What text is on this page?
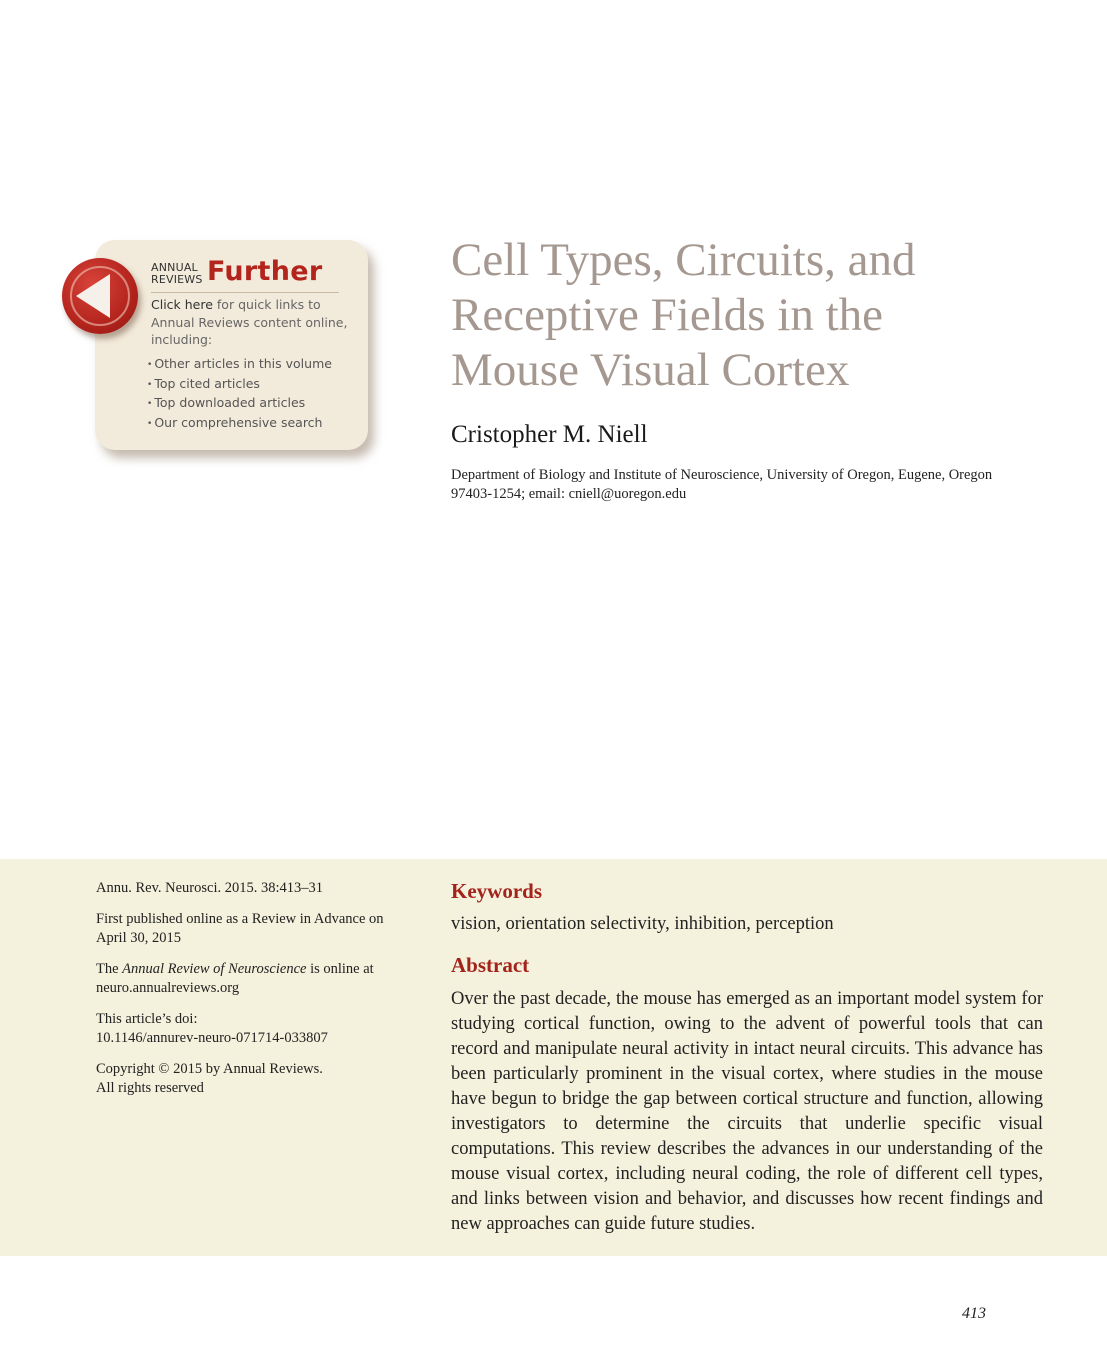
ANNUAL
REVIEWS Further
Click here for quick links to Annual Reviews content online, including:
• Other articles in this volume
• Top cited articles
• Top downloaded articles
• Our comprehensive search
Cell Types, Circuits, and Receptive Fields in the Mouse Visual Cortex
Cristopher M. Niell
Department of Biology and Institute of Neuroscience, University of Oregon, Eugene, Oregon 97403-1254; email: cniell@uoregon.edu

Annu. Rev. Neurosci. 2015. 38:413–31

First published online as a Review in Advance on April 30, 2015

The Annual Review of Neuroscience is online at neuro.annualreviews.org

This article’s doi:
10.1146/annurev-neuro-071714-033807

Copyright © 2015 by Annual Reviews.
All rights reserved

Keywords
vision, orientation selectivity, inhibition, perception
Abstract

Over the past decade, the mouse has emerged as an important model system for studying cortical function, owing to the advent of powerful tools that can record and manipulate neural activity in intact neural circuits. This advance has been particularly prominent in the visual cortex, where studies in the mouse have begun to bridge the gap between cortical structure and function, allowing investigators to determine the circuits that underlie specific visual computations. This review describes the advances in our understanding of the mouse visual cortex, including neural coding, the role of different cell types, and links between vision and behavior, and discusses how recent findings and new approaches can guide future studies.

413
